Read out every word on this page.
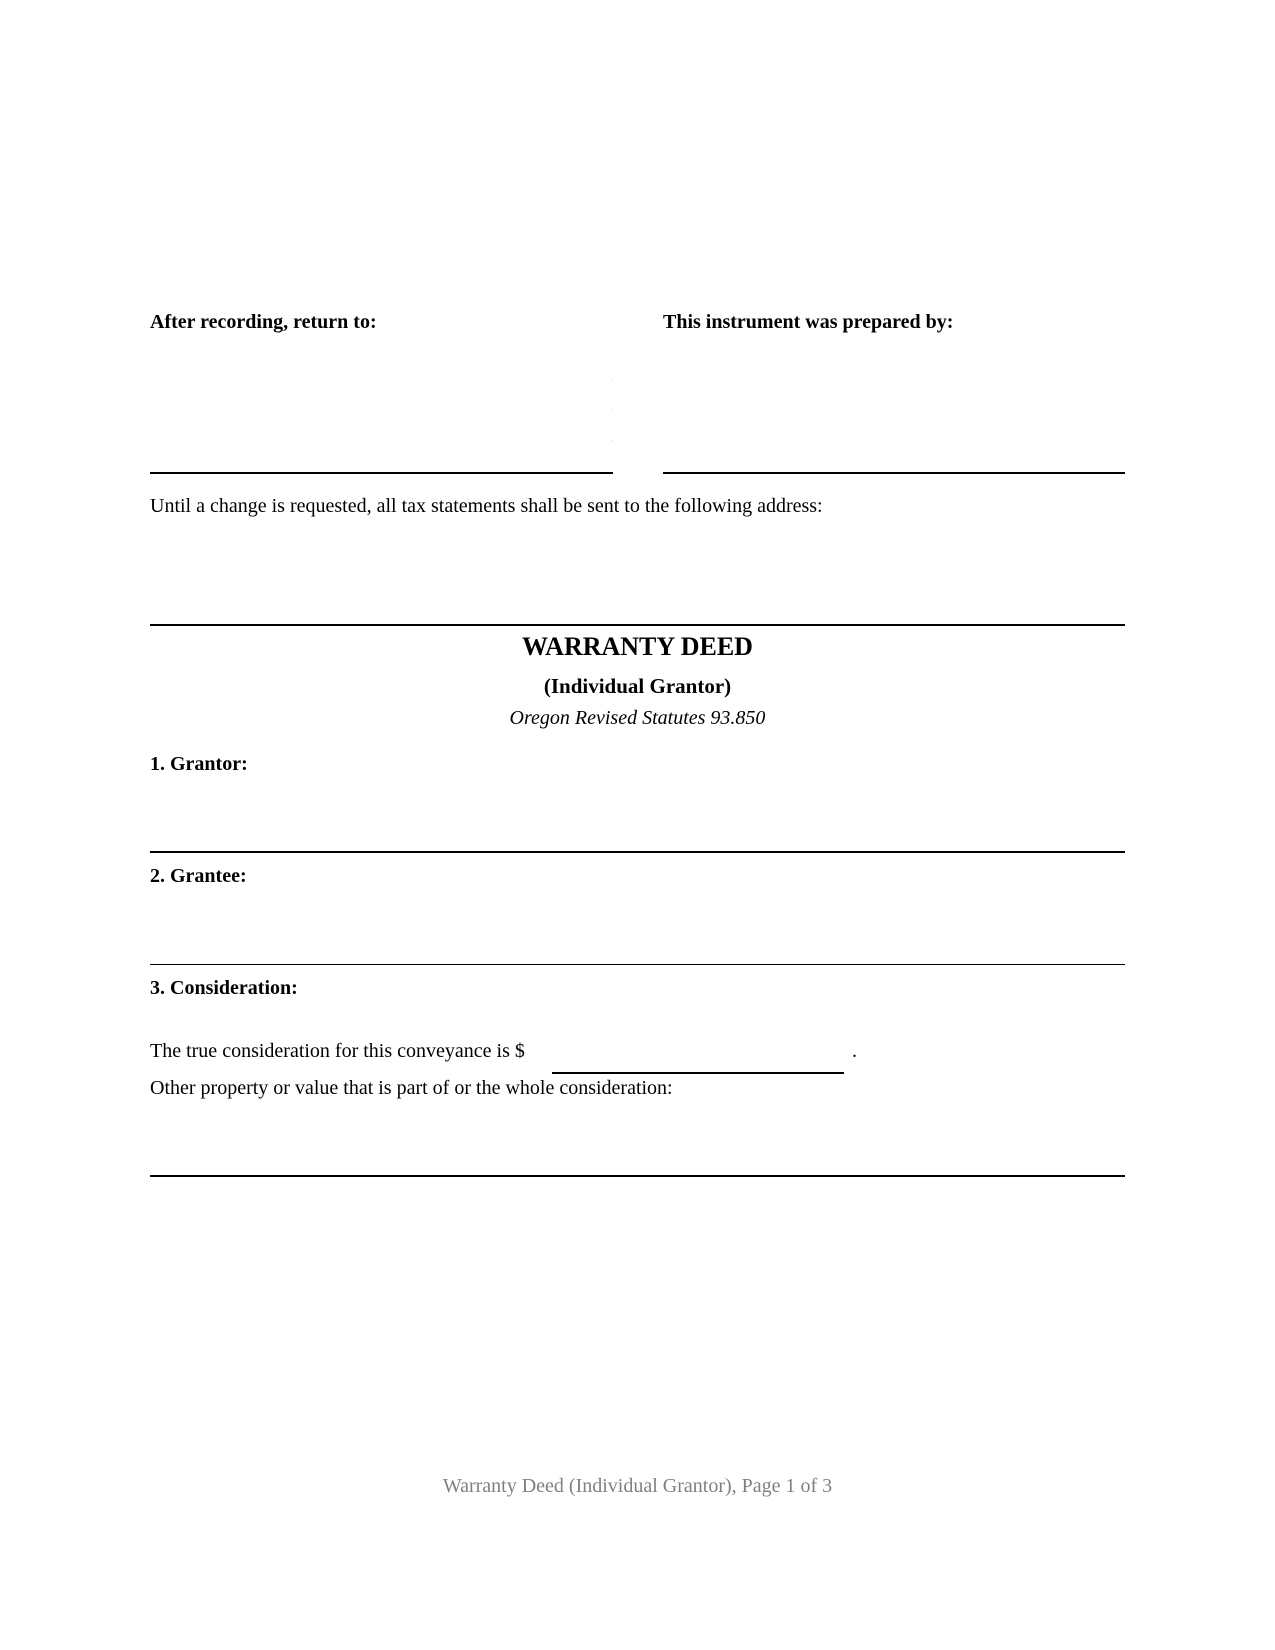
After recording, return to:	This instrument was prepared by:
Until a change is requested, all tax statements shall be sent to the following address:
WARRANTY DEED
(Individual Grantor)
Oregon Revised Statutes 93.850
1. Grantor:
2. Grantee:
3. Consideration:
The true consideration for this conveyance is $	.
Other property or value that is part of or the whole consideration:
Warranty Deed (Individual Grantor), Page 1 of 3
